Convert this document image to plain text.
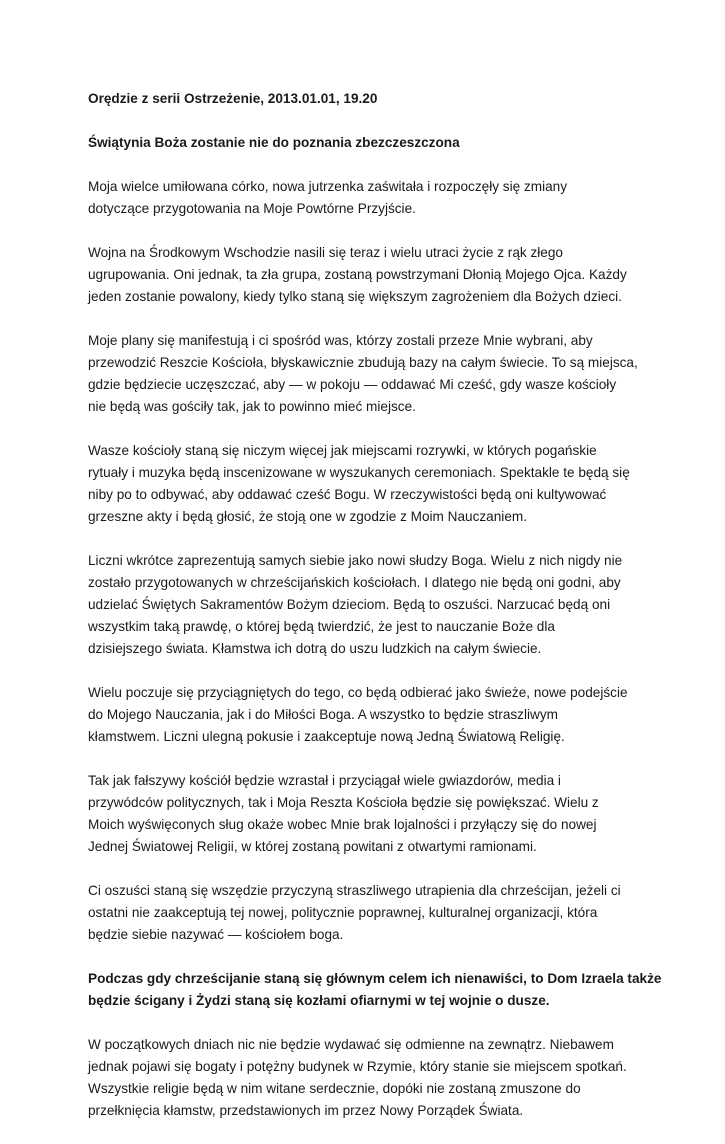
Orędzie z serii Ostrzeżenie, 2013.01.01, 19.20

Świątynia Boża zostanie nie do poznania zbezczeszczona

Moja wielce umiłowana córko, nowa jutrzenka zaświtała i rozpoczęły się zmiany
dotyczące przygotowania na Moje Powtórne Przyjście.

Wojna na Środkowym Wschodzie nasili się teraz i wielu utraci życie z rąk złego
ugrupowania. Oni jednak, ta zła grupa, zostaną powstrzymani Dłonią Mojego Ojca. Każdy
jeden zostanie powalony, kiedy tylko staną się większym zagrożeniem dla Bożych dzieci.

Moje plany się manifestują i ci spośród was, którzy zostali przeze Mnie wybrani, aby
przewodzić Reszcie Kościoła, błyskawicznie zbudują bazy na całym świecie. To są miejsca,
gdzie będziecie uczęszczać, aby — w pokoju — oddawać Mi cześć, gdy wasze kościoły
nie będą was gościły tak, jak to powinno mieć miejsce.

Wasze kościoły staną się niczym więcej jak miejscami rozrywki, w których pogańskie
rytuały i muzyka będą inscenizowane w wyszukanych ceremoniach. Spektakle te będą się
niby po to odbywać, aby oddawać cześć Bogu. W rzeczywistości będą oni kultywować
grzeszne akty i będą głosić, że stoją one w zgodzie z Moim Nauczaniem.

Liczni wkrótce zaprezentują samych siebie jako nowi słudzy Boga. Wielu z nich nigdy nie
zostało przygotowanych w chrześcijańskich kościołach. I dlatego nie będą oni godni, aby
udzielać Świętych Sakramentów Bożym dzieciom. Będą to oszuści. Narzucać będą oni
wszystkim taką prawdę, o której będą twierdzić, że jest to nauczanie Boże dla
dzisiejszego świata. Kłamstwa ich dotrą do uszu ludzkich na całym świecie.

Wielu poczuje się przyciągniętych do tego, co będą odbierać jako świeże, nowe podejście
do Mojego Nauczania, jak i do Miłości Boga. A wszystko to będzie straszliwym
kłamstwem. Liczni ulegną pokusie i zaakceptuje nową Jedną Światową Religię.

Tak jak fałszywy kościół będzie wzrastał i przyciągał wiele gwiazdorów, media i
przywódców politycznych, tak i Moja Reszta Kościoła będzie się powiększać. Wielu z
Moich wyświęconych sług okaże wobec Mnie brak lojalności i przyłączy się do nowej
Jednej Światowej Religii, w której zostaną powitani z otwartymi ramionami.

Ci oszuści staną się wszędzie przyczyną straszliwego utrapienia dla chrześcijan, jeżeli ci
ostatni nie zaakceptują tej nowej, politycznie poprawnej, kulturalnej organizacji, która
będzie siebie nazywać — kościołem boga.

Podczas gdy chrześcijanie staną się głównym celem ich nienawiści, to Dom Izraela także
będzie ścigany i Żydzi staną się kozłami ofiarnymi w tej wojnie o dusze.

W początkowych dniach nic nie będzie wydawać się odmienne na zewnątrz. Niebawem
jednak pojawi się bogaty i potężny budynek w Rzymie, który stanie sie miejscem spotkań.
Wszystkie religie będą w nim witane serdecznie, dopóki nie zostaną zmuszone do
przełknięcia kłamstw, przedstawionych im przez Nowy Porządek Świata.
